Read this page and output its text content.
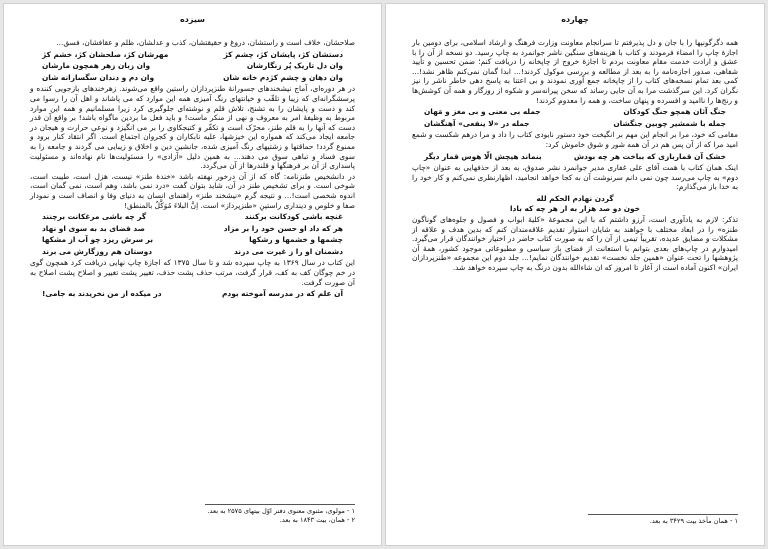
چهارده

همه دگرگونیها را با جان و دل پذیرفتم تا سرانجام معاونت وزارت فرهنگ و ارشاد اسلامی، برای دومین بار اجازهٔ چاپ را امضاء فرمودند و کتاب با هزینه‌های سنگین ناشر جوانمرد به چاپ رسید. دو نسخه از آن را با عشق و ارادت خدمت مقام معاونت بردم تا اجازهٔ خروج از چاپخانه را دریافت کنم؛ ضمن تحسین و تأیید شفاهی، صدور اجازه‌نامه را به بعد از مطالعه و بررسی موکول کردند!... ابدا گمان نمی‌کنم ظاهر نشد!... کمی بعد تمام نسخه‌های کتاب را از چاپخانه جمع آوری نمودند و بی اعتنا به پاسخ دهی خاطر ناشر را نیز نگران کرد. این سرگذشت مرا به آن جایی رساند که سخن پیرانه‌سر و شکوه از روزگار و همه آن کوشش‌ها و رنج‌ها را ناامید و افسرده و پنهان ساخت، و همه را معدوم کردند!

جنگ آثان همچو جنگ کودکان
جمله بی معنی و بی مغز و مَهان
جمله با شمشیر چوبین جنگشان
جمله در «لا ینفعی» آهنگشان

مقامی که خود، مرا بر انجام این مهم بر انگیخت خود دستور نابودی کتاب را داد و مرا درهم شکست و شمع امید مرا که از آن پس هم در آن همه شور و شوق خاموش کرد:

خشک آن قماربازی که بباخت هر چه بودش
بنماند هیچش الّا هوس قمار دیگر

اینک همان کتاب با همت آقای علی غفاری مدیر جوانمرد نشر صدوق، به بعد از حذفهایی به عنوان «چاپ دوم» به چاپ می‌رسد چون نمی دانم سرنوشت آن به کجا خواهد انجامید، اظهارنظری نمی‌کنم و کار خود را به خدا باز می‌گذارم:

گردن نهادم الحکم لله
خون دو صد هزار به ار هر چه که بادا

تذکر: لازم به یادآوری است، آرزو داشتم که با این مجموعهٔ «کلیهٔ ابواب و فصول و جلوه‌های گوناگون طنزه» را در ابعاد مختلف با خواهند به شایان استوار تقدیم علاقه‌مندان کنم که بدین هدف و علاقه از مشکلات و مضایق عدیده، تقریباً تیمی از آن را که به صورت کتاب حاضر در اختیار خوانندگان قرار می‌گیرد. امیدوارم در چاپ‌های بعدی بتوانم با استعانت از فضای باز سیاسی و مطبوعاتی موجود کشور، همهٔ آن پژوهشها را تحت عنوان «همین جلد نخست» تقدیم خوانندگان نمایم!... جلد دوم این مجموعه «طنزپردازان ایران» اکنون آماده است از آغاز تا امروز که ان شاءالله بدون درنگ به چاپ سپرده خواهد شد.

۱ - همان مأخذ بیت ۳۴۲۹ به بعد.
سیزده

صلاحشان، خلاف است و راستشان، دروغ و حقیقتشان، کذب و عدلشان، ظلم و عقافشان، فسق...

دستشان کژ، پایشان کژ، چشم کژ
مهرشان کژ، صلحشان کژ، خشم کژ
وان دل تاریک پُر زنگارشان
وان زبان زهر همچون مارشان
وان دهان و چشم کژدم خانه شان
وان دم و دندان سگسارانه شان

در هر دوره‌ای، آماج نیشخندهای جسورانهٔ طنزپردازان راستین واقع می‌شوند. زهرخندهای بازجویی کننده و پرسشگرانه‌ای که زیبا و تلقّب و خیانتهای رنگ آمیزی همه این موارد که می پاشاند و اهل آن را رسوا می کند و دست و پایشان را به تشنج، تلاش قلم و نوشته‌ای جلوگیری کرد زیرا مسلمانیم و همه این موارد مربوط به وظیفهٔ امر به معروف و نهی از منکر ماست! و باید فعل ما بردین ماگواه باشد! بر واقع آن قدر دست که آنها را به قلم طنز، محرّک است و تکفّر و کتبجکاوی را بر می انگیزد و نوعی حرارت و هیجان در جامعه ایجاد می‌کند که همواره این خیزشها، علیه نابکاران و کجروان اجتماع است. اگر انتقاد کنار برود و ممنوع گردد! حماقتها و زشتیهای رنگ آمیزی شده، جانشین دین و اخلاق و زیبایی می گردند و جامعه را به سوی فساد و تباهی سوق می دهند... به همین دلیل «آزادی» را مسئولیت‌ها نام نهاده‌اند و مسئولیت پاسداری از آن بر فرهنگها و قلندرها از آن می‌گردد.

در دانشخیص طنزنامه: گاه که از آن درخور نهفته باشد «خندهٔ طنز» نیست، هزل است، طیبت است، شوخی است. و برای تشخیص طنز در آن، شاید بتوان گفت «درد نمی باشد، وهم است، نمی گمان است، اندوه شخصی است!... و نتیجه گرم «نیشخند طنز» راهنمای انسان به دنیای وفا و انصاف است و نمودار صفا و خلوص و دینداری راستینِ «طنزپرداز» است. اِنَّ البلاءَ مُوَکَّلٌ بالمنطق!

غنچه باشی کودکانت برکنند
گر چه باشی مرغکانت برچنند
هر که داد او حسن خود را بر مزاد
صد قضای بد به سوی او نهاد
چشمها و خشمها و رشکها
بر سرش ریزد چو آب از مشکها
دشمنان او را ز غیرت می درند
دوستان هم روزگارش می برند

این کتاب در سال ۱۳۶۹ به چاپ سپرده شد و تا سال ۱۳۷۵ که اجازهٔ چاپ نهایی دریافت کرد همچون گوی در خم چوگان کف به کف، قرار گرفت، مرتب حذف پشت حذف، تغییر پشت تغییر و اصلاح پشت اصلاح به آن صورت گرفت.

آن علم که در مدرسه آموخته بودم
در میکده از من نخریدند به جامی!
۱ - مولوی، مثنوی معنوی دفتر اوّل بیتهای ۲۵۷۵ به بعد.
۲ - همان، بیت ۱۸۴۳ به بعد.
